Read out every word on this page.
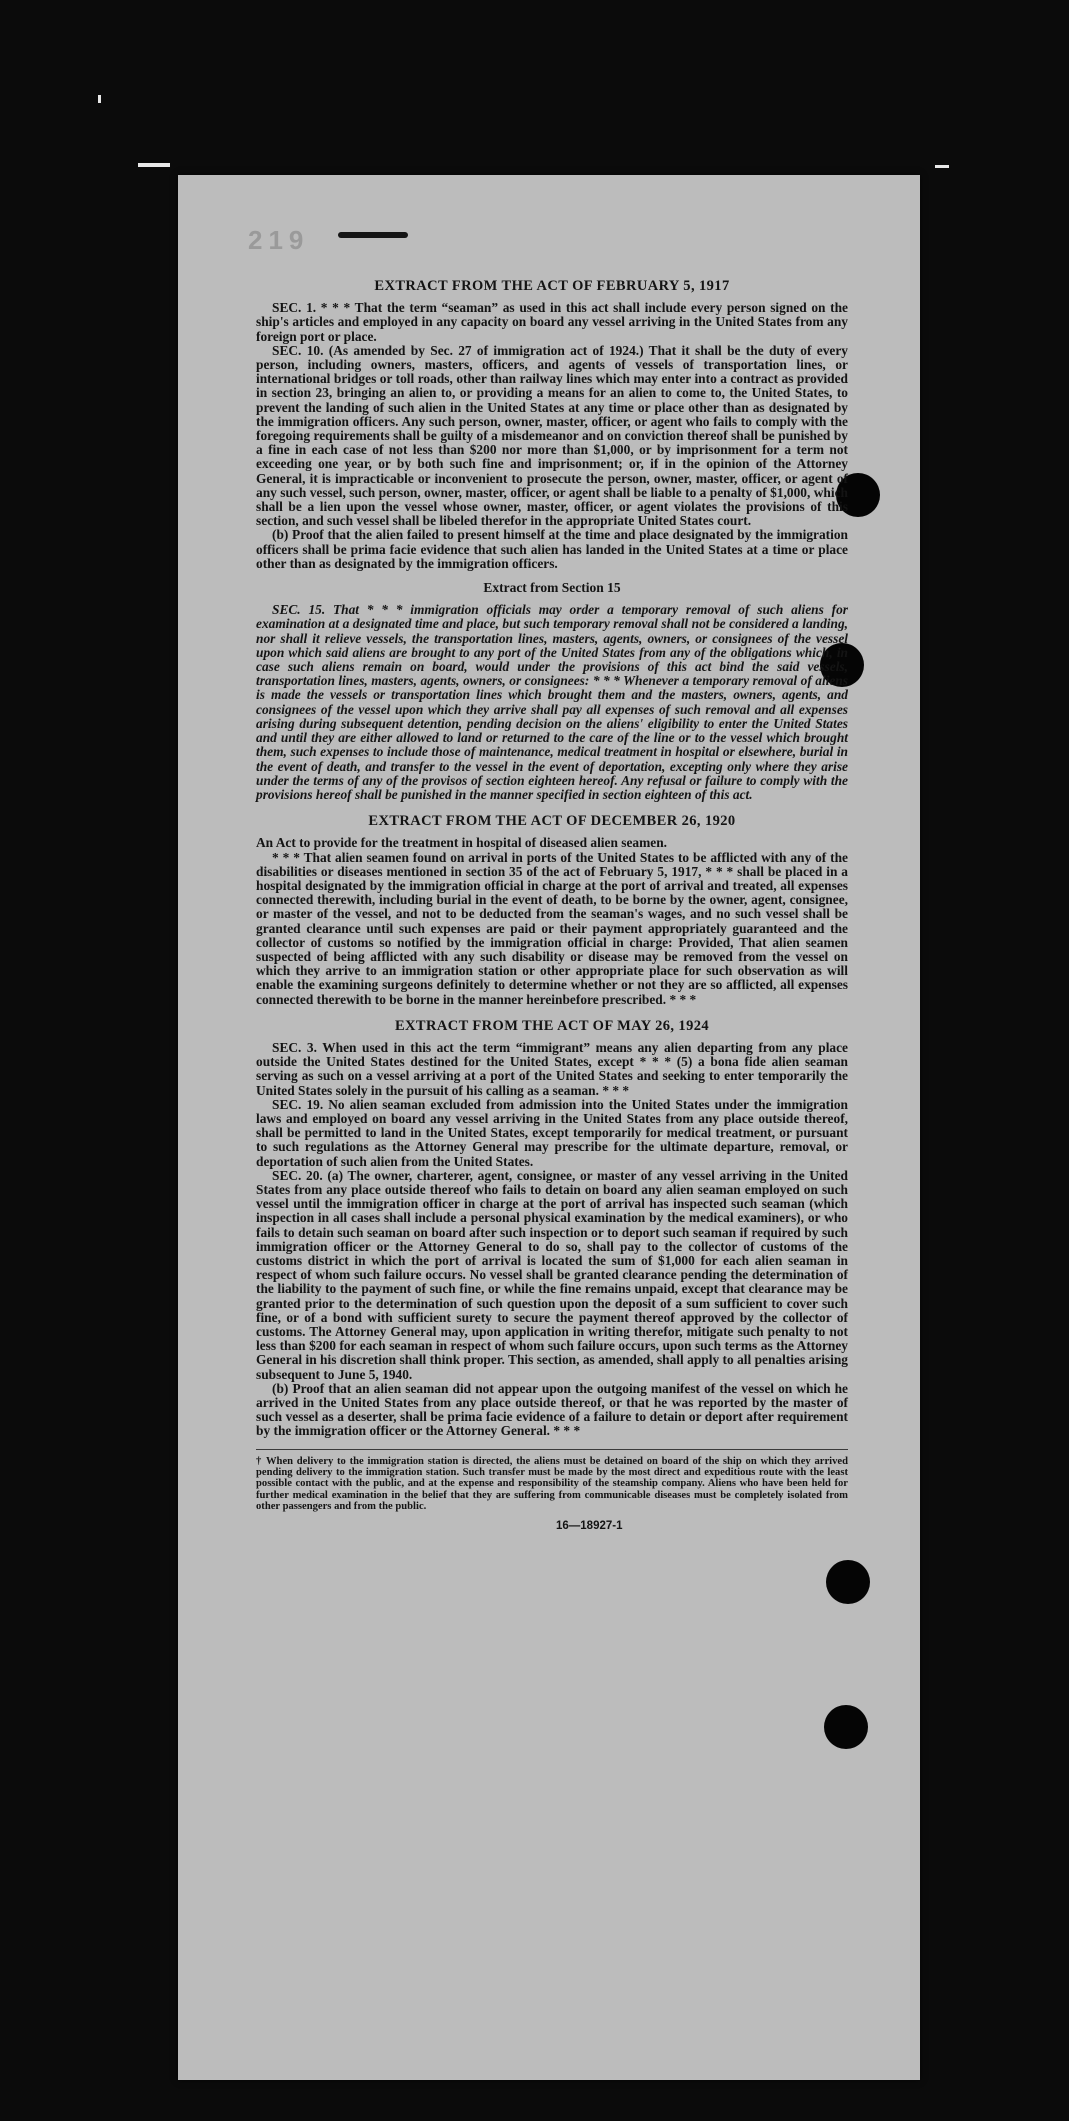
219
EXTRACT FROM THE ACT OF FEBRUARY 5, 1917

SEC. 1. * * * That the term “seaman” as used in this act shall include every person signed on the ship's articles and employed in any capacity on board any vessel arriving in the United States from any foreign port or place.

SEC. 10. (As amended by Sec. 27 of immigration act of 1924.) That it shall be the duty of every person, including owners, masters, officers, and agents of vessels of transportation lines, or international bridges or toll roads, other than railway lines which may enter into a contract as provided in section 23, bringing an alien to, or providing a means for an alien to come to, the United States, to prevent the landing of such alien in the United States at any time or place other than as designated by the immigration officers. Any such person, owner, master, officer, or agent who fails to comply with the foregoing requirements shall be guilty of a misdemeanor and on conviction thereof shall be punished by a fine in each case of not less than $200 nor more than $1,000, or by imprisonment for a term not exceeding one year, or by both such fine and imprisonment; or, if in the opinion of the Attorney General, it is impracticable or inconvenient to prosecute the person, owner, master, officer, or agent of any such vessel, such person, owner, master, officer, or agent shall be liable to a penalty of $1,000, which shall be a lien upon the vessel whose owner, master, officer, or agent violates the provisions of this section, and such vessel shall be libeled therefor in the appropriate United States court.

(b) Proof that the alien failed to present himself at the time and place designated by the immigration officers shall be prima facie evidence that such alien has landed in the United States at a time or place other than as designated by the immigration officers.

Extract from Section 15

SEC. 15. That * * * immigration officials may order a temporary removal of such aliens for examination at a designated time and place, but such temporary removal shall not be considered a landing, nor shall it relieve vessels, the transportation lines, masters, agents, owners, or consignees of the vessel upon which said aliens are brought to any port of the United States from any of the obligations which, in case such aliens remain on board, would under the provisions of this act bind the said vessels, transportation lines, masters, agents, owners, or consignees: * * * Whenever a temporary removal of aliens is made the vessels or transportation lines which brought them and the masters, owners, agents, and consignees of the vessel upon which they arrive shall pay all expenses of such removal and all expenses arising during subsequent detention, pending decision on the aliens' eligibility to enter the United States and until they are either allowed to land or returned to the care of the line or to the vessel which brought them, such expenses to include those of maintenance, medical treatment in hospital or elsewhere, burial in the event of death, and transfer to the vessel in the event of deportation, excepting only where they arise under the terms of any of the provisos of section eighteen hereof. Any refusal or failure to comply with the provisions hereof shall be punished in the manner specified in section eighteen of this act.

EXTRACT FROM THE ACT OF DECEMBER 26, 1920

An Act to provide for the treatment in hospital of diseased alien seamen.

* * * That alien seamen found on arrival in ports of the United States to be afflicted with any of the disabilities or diseases mentioned in section 35 of the act of February 5, 1917, * * * shall be placed in a hospital designated by the immigration official in charge at the port of arrival and treated, all expenses connected therewith, including burial in the event of death, to be borne by the owner, agent, consignee, or master of the vessel, and not to be deducted from the seaman's wages, and no such vessel shall be granted clearance until such expenses are paid or their payment appropriately guaranteed and the collector of customs so notified by the immigration official in charge: Provided, That alien seamen suspected of being afflicted with any such disability or disease may be removed from the vessel on which they arrive to an immigration station or other appropriate place for such observation as will enable the examining surgeons definitely to determine whether or not they are so afflicted, all expenses connected therewith to be borne in the manner hereinbefore prescribed. * * *

EXTRACT FROM THE ACT OF MAY 26, 1924

SEC. 3. When used in this act the term “immigrant” means any alien departing from any place outside the United States destined for the United States, except * * * (5) a bona fide alien seaman serving as such on a vessel arriving at a port of the United States and seeking to enter temporarily the United States solely in the pursuit of his calling as a seaman. * * *

SEC. 19. No alien seaman excluded from admission into the United States under the immigration laws and employed on board any vessel arriving in the United States from any place outside thereof, shall be permitted to land in the United States, except temporarily for medical treatment, or pursuant to such regulations as the Attorney General may prescribe for the ultimate departure, removal, or deportation of such alien from the United States.

SEC. 20. (a) The owner, charterer, agent, consignee, or master of any vessel arriving in the United States from any place outside thereof who fails to detain on board any alien seaman employed on such vessel until the immigration officer in charge at the port of arrival has inspected such seaman (which inspection in all cases shall include a personal physical examination by the medical examiners), or who fails to detain such seaman on board after such inspection or to deport such seaman if required by such immigration officer or the Attorney General to do so, shall pay to the collector of customs of the customs district in which the port of arrival is located the sum of $1,000 for each alien seaman in respect of whom such failure occurs. No vessel shall be granted clearance pending the determination of the liability to the payment of such fine, or while the fine remains unpaid, except that clearance may be granted prior to the determination of such question upon the deposit of a sum sufficient to cover such fine, or of a bond with sufficient surety to secure the payment thereof approved by the collector of customs. The Attorney General may, upon application in writing therefor, mitigate such penalty to not less than $200 for each seaman in respect of whom such failure occurs, upon such terms as the Attorney General in his discretion shall think proper. This section, as amended, shall apply to all penalties arising subsequent to June 5, 1940.

(b) Proof that an alien seaman did not appear upon the outgoing manifest of the vessel on which he arrived in the United States from any place outside thereof, or that he was reported by the master of such vessel as a deserter, shall be prima facie evidence of a failure to detain or deport after requirement by the immigration officer or the Attorney General. * * *

† When delivery to the immigration station is directed, the aliens must be detained on board of the ship on which they arrived pending delivery to the immigration station. Such transfer must be made by the most direct and expeditious route with the least possible contact with the public, and at the expense and responsibility of the steamship company. Aliens who have been held for further medical examination in the belief that they are suffering from communicable diseases must be completely isolated from other passengers and from the public.
16—18927-1
